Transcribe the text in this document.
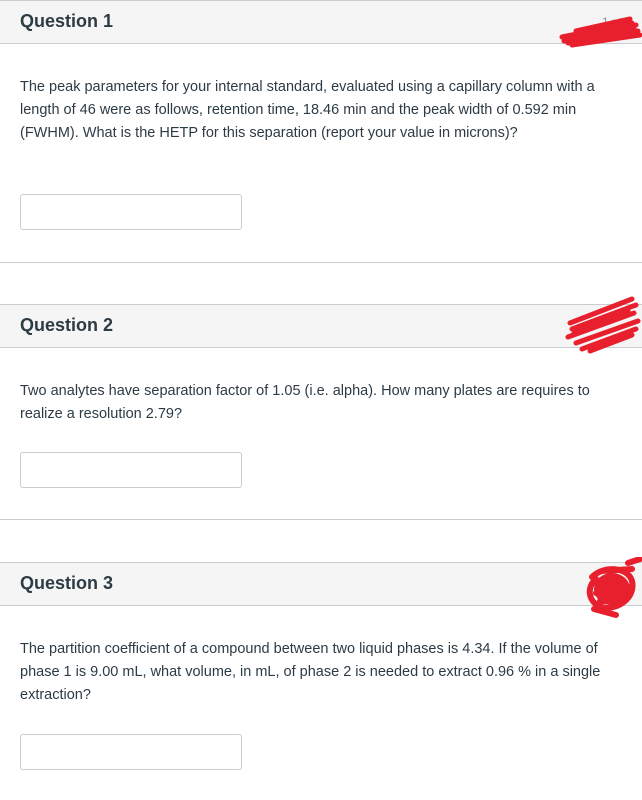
Question 1	1 pts

The peak parameters for your internal standard, evaluated using a capillary column with a length of 46 were as follows, retention time, 18.46 min and the peak width of 0.592 min (FWHM). What is the HETP for this separation (report your value in microns)?

Question 2

Two analytes have separation factor of 1.05 (i.e. alpha). How many plates are requires to realize a resolution 2.79?

Question 3

The partition coefficient of a compound between two liquid phases is 4.34. If the volume of phase 1 is 9.00 mL, what volume, in mL, of phase 2 is needed to extract 0.96 % in a single extraction?
